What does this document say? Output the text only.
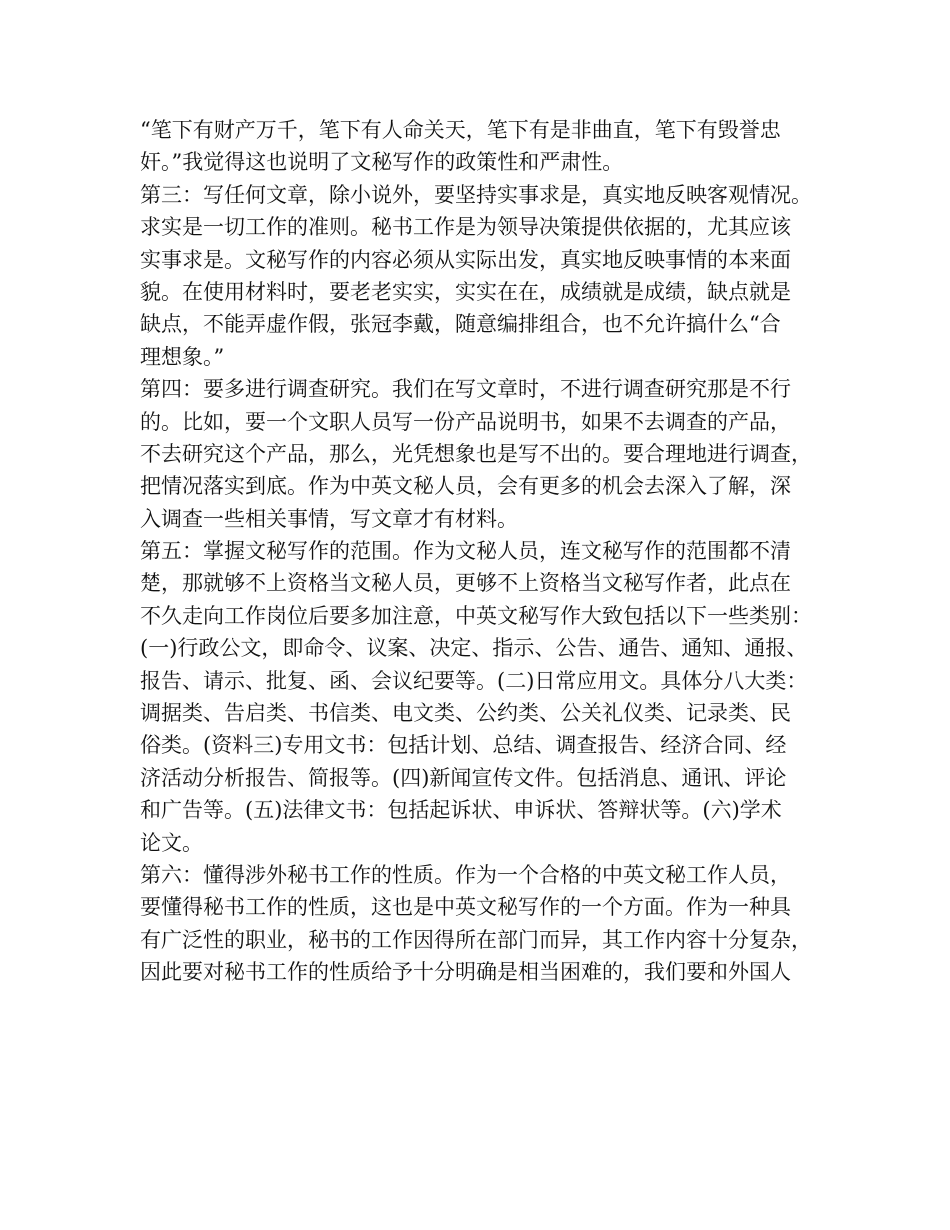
“笔下有财产万千，笔下有人命关天，笔下有是非曲直，笔下有毁誉忠
奸。”我觉得这也说明了文秘写作的政策性和严肃性。
第三：写任何文章，除小说外，要坚持实事求是，真实地反映客观情况。
求实是一切工作的准则。秘书工作是为领导决策提供依据的，尤其应该
实事求是。文秘写作的内容必须从实际出发，真实地反映事情的本来面
貌。在使用材料时，要老老实实，实实在在，成绩就是成绩，缺点就是
缺点，不能弄虚作假，张冠李戴，随意编排组合，也不允许搞什么“合
理想象。”
第四：要多进行调查研究。我们在写文章时，不进行调查研究那是不行
的。比如，要一个文职人员写一份产品说明书，如果不去调查的产品，
不去研究这个产品，那么，光凭想象也是写不出的。要合理地进行调查，
把情况落实到底。作为中英文秘人员，会有更多的机会去深入了解，深
入调查一些相关事情，写文章才有材料。
第五：掌握文秘写作的范围。作为文秘人员，连文秘写作的范围都不清
楚，那就够不上资格当文秘人员，更够不上资格当文秘写作者，此点在
不久走向工作岗位后要多加注意，中英文秘写作大致包括以下一些类别：
(一)行政公文，即命令、议案、决定、指示、公告、通告、通知、通报、
报告、请示、批复、函、会议纪要等。(二)日常应用文。具体分八大类：
调据类、告启类、书信类、电文类、公约类、公关礼仪类、记录类、民
俗类。(资料三)专用文书：包括计划、总结、调查报告、经济合同、经
济活动分析报告、简报等。(四)新闻宣传文件。包括消息、通讯、评论
和广告等。(五)法律文书：包括起诉状、申诉状、答辩状等。(六)学术
论文。
第六：懂得涉外秘书工作的性质。作为一个合格的中英文秘工作人员，
要懂得秘书工作的性质，这也是中英文秘写作的一个方面。作为一种具
有广泛性的职业，秘书的工作因得所在部门而异，其工作内容十分复杂，
因此要对秘书工作的性质给予十分明确是相当困难的，我们要和外国人
